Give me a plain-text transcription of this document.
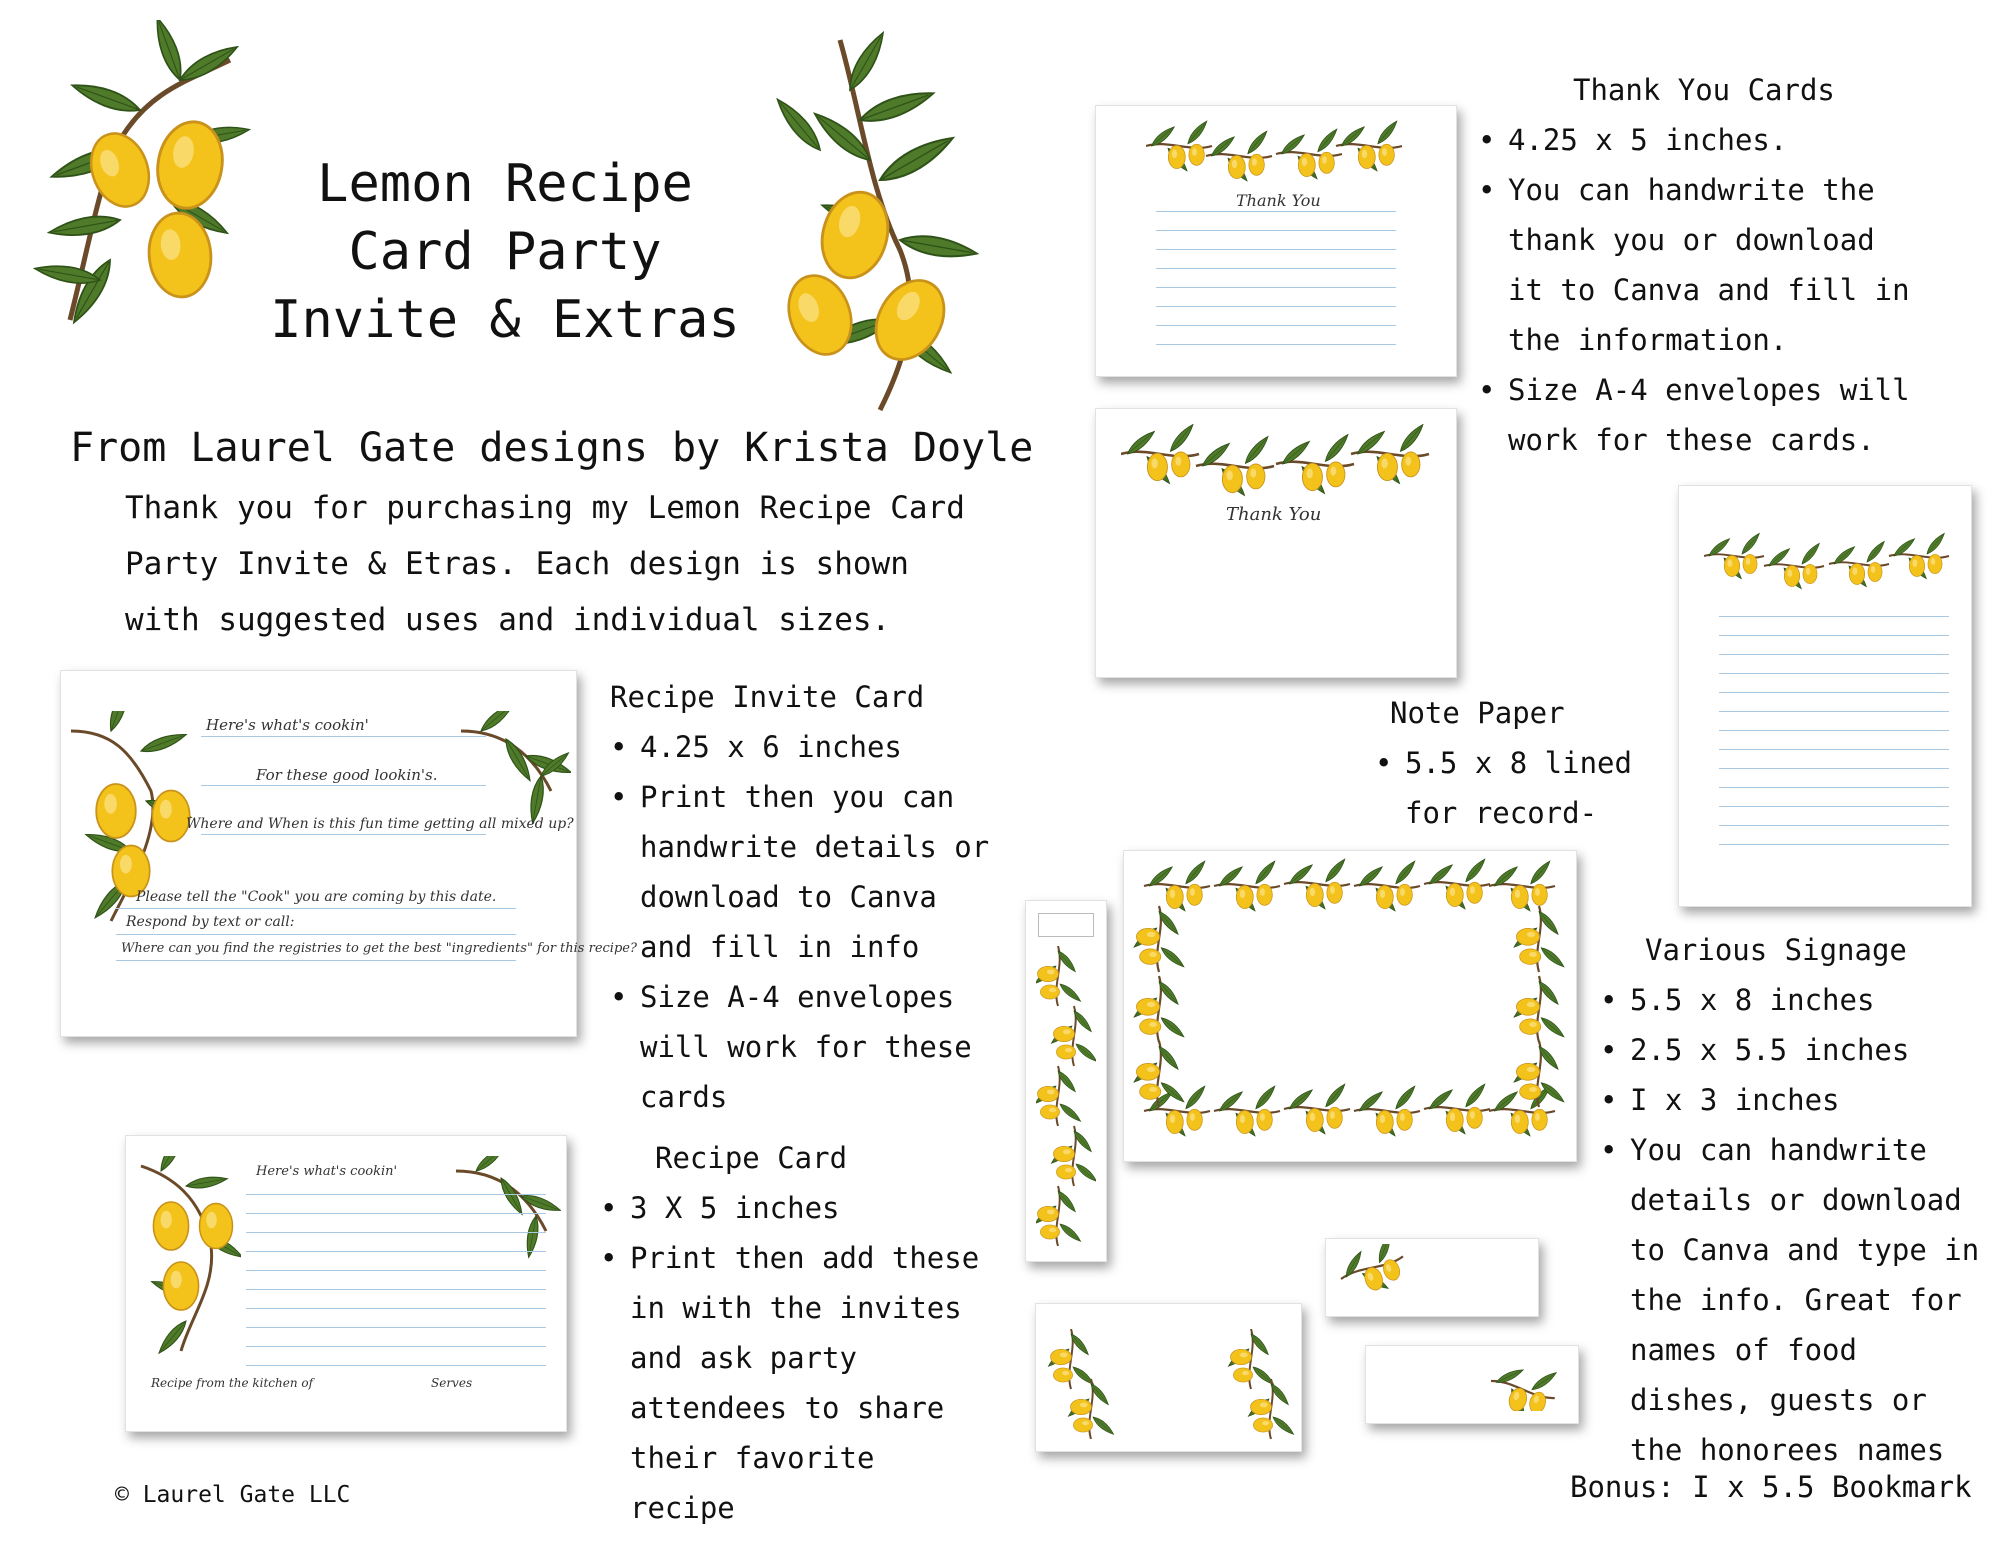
Lemon Recipe
Card Party
Invite & Extras
From Laurel Gate designs by Krista Doyle
Thank you for purchasing my Lemon Recipe Card Party Invite & Etras. Each design is shown with suggested uses and individual sizes.
Here's what's cookin'
For these good lookin's.
Where and When is this fun time getting all mixed up?
Please tell the "Cook" you are coming by this date.
Respond by text or call:
Where can you find the registries to get the best "ingredients" for this recipe?
Recipe Invite Card
• 4.25 x 6 inches
• Print then you can handwrite details or download to Canva and fill in info
• Size A-4 envelopes will work for these cards
Here's what's cookin'
Recipe from the kitchen of	Serves
Recipe Card
• 3 X 5 inches
• Print then add these in with the invites and ask party attendees to share their favorite recipe
Thank You
Thank You
Thank You Cards
• 4.25 x 5 inches.
• You can handwrite the thank you or download it to Canva and fill in the information.
• Size A-4 envelopes will work for these cards.
Note Paper
• 5.5 x 8 lined for record-
Various Signage
• 5.5 x 8 inches
• 2.5 x 5.5 inches
• I x 3 inches
• You can handwrite details or download to Canva and type in the info. Great for names of food dishes, guests or the honorees names
Bonus: I x 5.5 Bookmark
© Laurel Gate LLC
